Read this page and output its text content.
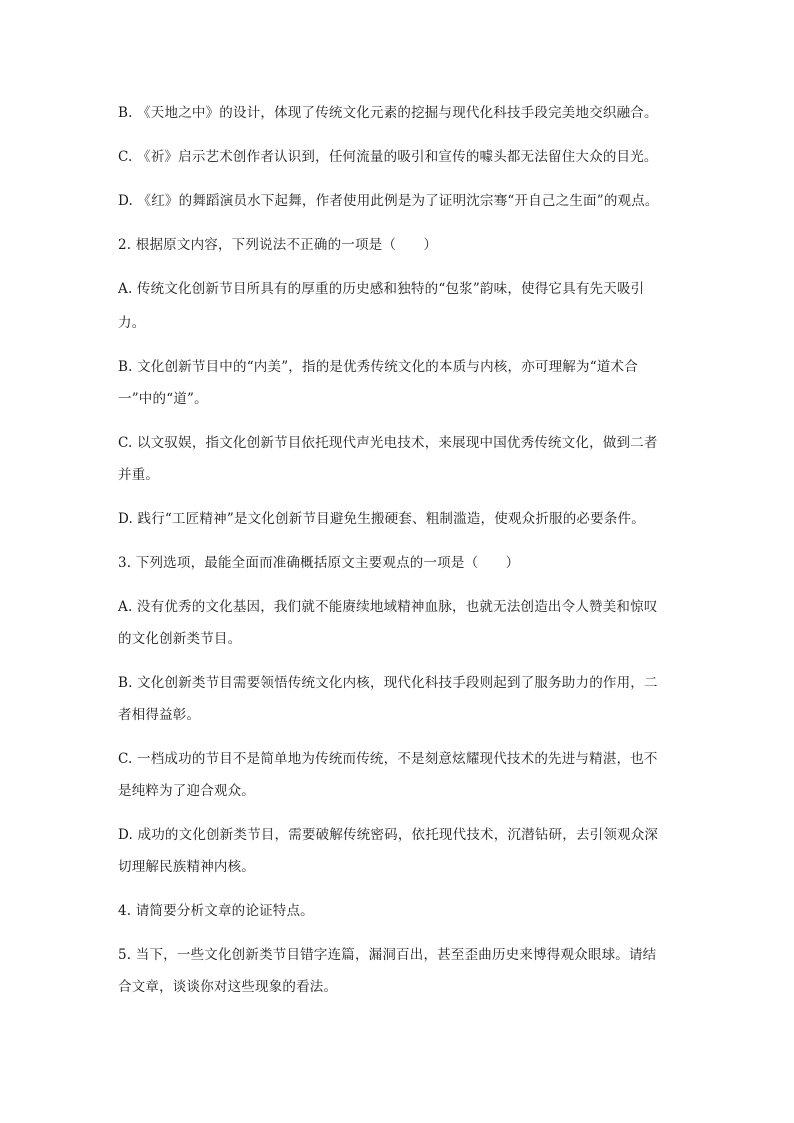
B. 《天地之中》的设计，体现了传统文化元素的挖掘与现代化科技手段完美地交织融合。
C. 《祈》启示艺术创作者认识到，任何流量的吸引和宣传的噱头都无法留住大众的目光。
D. 《红》的舞蹈演员水下起舞，作者使用此例是为了证明沈宗骞“开自己之生面”的观点。
2. 根据原文内容，下列说法不正确的一项是（　　）
A. 传统文化创新节目所具有的厚重的历史感和独特的“包浆”韵味，使得它具有先天吸引
力。
B. 文化创新节目中的“内美”，指的是优秀传统文化的本质与内核，亦可理解为“道术合
一”中的“道”。
C. 以文驭娱，指文化创新节目依托现代声光电技术，来展现中国优秀传统文化，做到二者
并重。
D. 践行“工匠精神”是文化创新节目避免生搬硬套、粗制滥造，使观众折服的必要条件。
3. 下列选项，最能全面而准确概括原文主要观点的一项是（　　）
A. 没有优秀的文化基因，我们就不能赓续地域精神血脉，也就无法创造出令人赞美和惊叹
的文化创新类节目。
B. 文化创新类节目需要领悟传统文化内核，现代化科技手段则起到了服务助力的作用，二
者相得益彰。
C. 一档成功的节目不是简单地为传统而传统，不是刻意炫耀现代技术的先进与精湛，也不
是纯粹为了迎合观众。
D. 成功的文化创新类节目，需要破解传统密码，依托现代技术，沉潜钻研，去引领观众深
切理解民族精神内核。
4. 请简要分析文章的论证特点。
5. 当下，一些文化创新类节目错字连篇，漏洞百出，甚至歪曲历史来博得观众眼球。请结
合文章，谈谈你对这些现象的看法。
